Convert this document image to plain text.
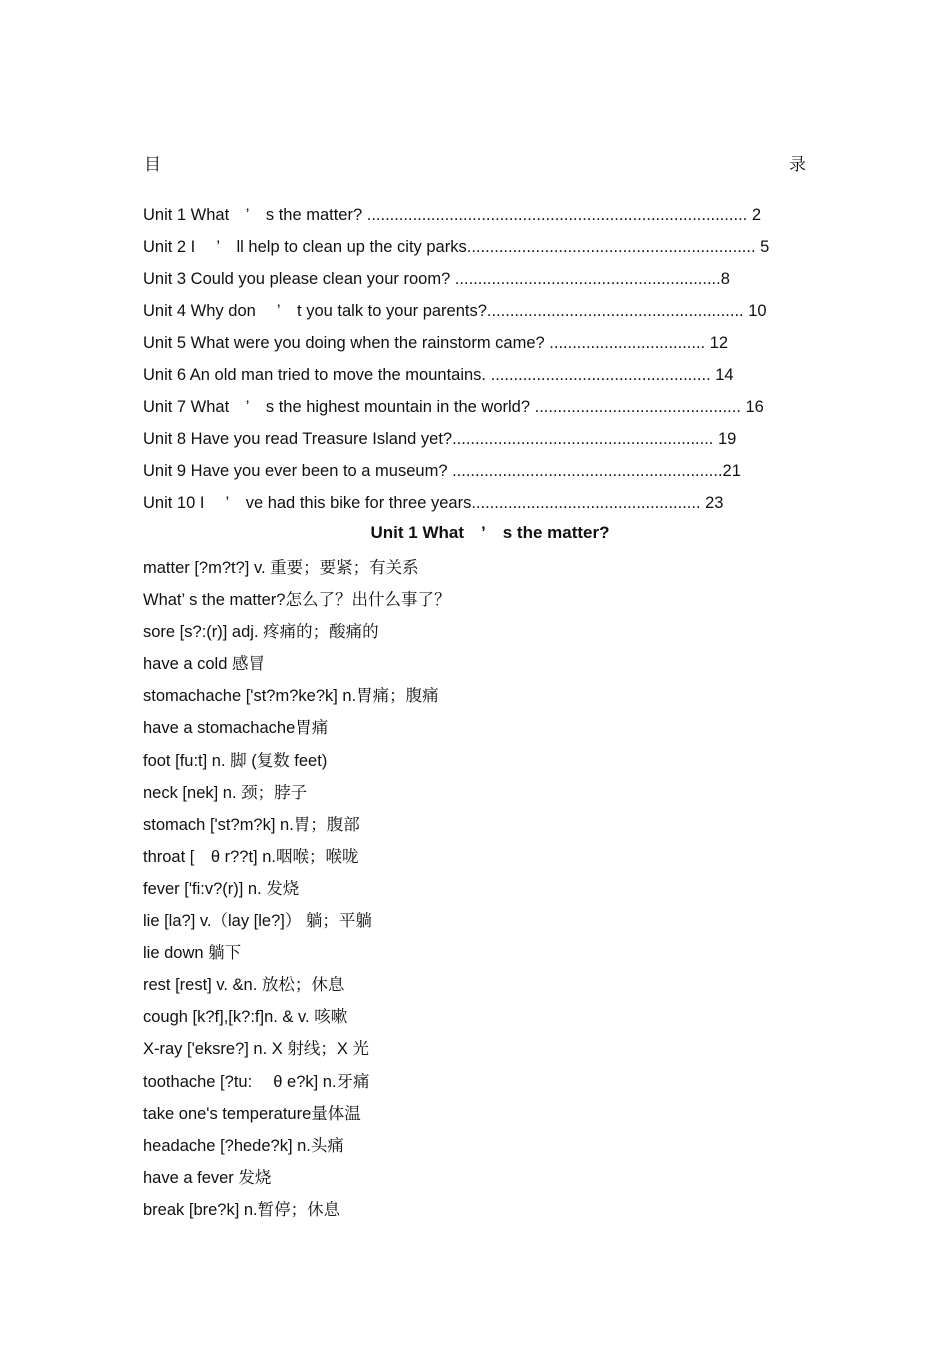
目	录
Unit 1 What ’ s the matter? ................................................................................... 2
Unit 2 I  ’ ll help to clean up the city parks............................................................... 5
Unit 3 Could you please clean your room? ..........................................................8
Unit 4 Why don  ’ t you talk to your parents?........................................................ 10
Unit 5 What were you doing when the rainstorm came? .................................. 12
Unit 6 An old man tried to move the mountains. ................................................ 14
Unit 7 What ’ s the highest mountain in the world? ............................................. 16
Unit 8 Have you read Treasure Island yet?......................................................... 19
Unit 9 Have you ever been to a museum? ...........................................................21
Unit 10 I  ’ ve had this bike for three years.................................................. 23
Unit 1 What ’ s the matter?
matter [?m?t?] v. 重要；要紧；有关系
What’ s the matter?怎么了？出什么事了？
sore [s?:(r)] adj. 疼痛的；酸痛的
have a cold 感冒
stomachache ['st?m?ke?k] n.胃痛；腹痛
have a stomachache胃痛
foot [fu:t] n. 脚 (复数 feet)
neck [nek] n. 颈；脖子
stomach ['st?m?k] n.胃；腹部
throat [ θ r??t] n.咽喉；喉咙
fever ['fi:v?(r)] n. 发烧
lie [la?] v.（lay [le?]） 躺；平躺
lie down 躺下
rest [rest] v. &n. 放松；休息
cough [k?f],[k?:f]n. & v. 咳嗽
X-ray ['eksre?] n. X 射线；X 光
toothache [?tu:  θ e?k] n.牙痛
take one's temperature量体温
headache [?hede?k] n.头痛
have a fever 发烧
break [bre?k] n.暂停；休息
